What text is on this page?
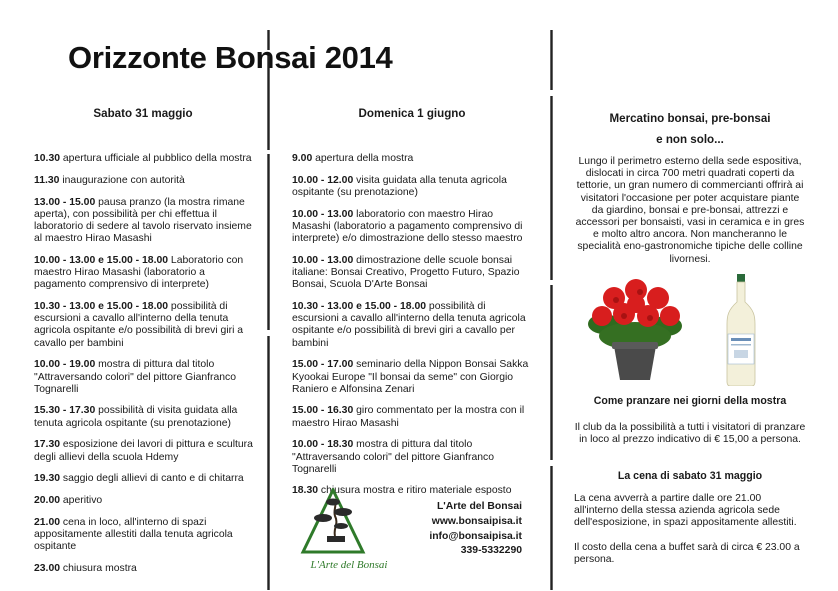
Orizzonte Bonsai 2014

Sabato 31 maggio

10.30 apertura ufficiale al pubblico della mostra

11.30 inaugurazione con autorità

13.00 - 15.00 pausa pranzo (la mostra rimane aperta), con possibilità per chi effettua il laboratorio di sedere al tavolo riservato insieme al maestro Hirao Masashi

10.00 - 13.00 e 15.00 - 18.00 Laboratorio con maestro Hirao Masashi (laboratorio a pagamento comprensivo di interprete)

10.30 - 13.00 e 15.00 - 18.00 possibilità di escursioni a cavallo all'interno della tenuta agricola ospitante e/o possibilità di brevi giri a cavallo per bambini

10.00 - 19.00 mostra di pittura dal titolo "Attraversando colori" del pittore Gianfranco Tognarelli

15.30 - 17.30 possibilità di visita guidata alla tenuta agricola ospitante (su prenotazione)

17.30 esposizione dei lavori di pittura e scultura degli allievi della scuola Hdemy

19.30 saggio degli allievi di canto e di chitarra

20.00 aperitivo

21.00 cena in loco, all'interno di spazi appositamente allestiti dalla tenuta agricola ospitante

23.00 chiusura mostra

Domenica 1 giugno

9.00 apertura della mostra

10.00 - 12.00 visita guidata alla tenuta agricola ospitante (su prenotazione)

10.00 - 13.00 laboratorio con maestro Hirao Masashi (laboratorio a pagamento comprensivo di interprete) e/o dimostrazione dello stesso maestro

10.00 - 13.00 dimostrazione delle scuole bonsai italiane: Bonsai Creativo, Progetto Futuro, Spazio Bonsai, Scuola D'Arte Bonsai

10.30 - 13.00 e 15.00 - 18.00 possibilità di escursioni a cavallo all'interno della tenuta agricola ospitante e/o possibilità di brevi giri a cavallo per bambini

15.00 - 17.00 seminario della Nippon Bonsai Sakka Kyookai Europe "Il bonsai da seme" con Giorgio Raniero e Alfonsina Zenari

15.00 - 16.30 giro commentato per la mostra con il maestro Hirao Masashi

10.00 - 18.30 mostra di pittura dal titolo "Attraversando colori" del pittore Gianfranco Tognarelli

18.30 chiusura mostra e ritiro materiale esposto

L'Arte del Bonsai
L'Arte del Bonsai
www.bonsaipisa.it
info@bonsaipisa.it
339-5332290

Mercatino bonsai, pre-bonsai
e non solo...

Lungo il perimetro esterno della sede espositiva, dislocati in circa 700 metri quadrati coperti da tettorie, un gran numero di commercianti offrirà ai visitatori l'occasione per poter acquistare piante da giardino, bonsai e pre-bonsai, attrezzi e accessori per bonsaisti, vasi in ceramica e in gres e molto altro ancora. Non mancheranno le specialità eno-gastronomiche tipiche delle colline livornesi.

Come pranzare nei giorni della mostra

Il club da la possibilità a tutti i visitatori di pranzare in loco al prezzo indicativo di € 15,00 a persona.

La cena di sabato 31 maggio

La cena avverrà a partire dalle ore 21.00 all'interno della stessa azienda agricola sede dell'esposizione, in spazi appositamente allestiti.

Il costo della cena a buffet sarà di circa € 23.00 a persona.
